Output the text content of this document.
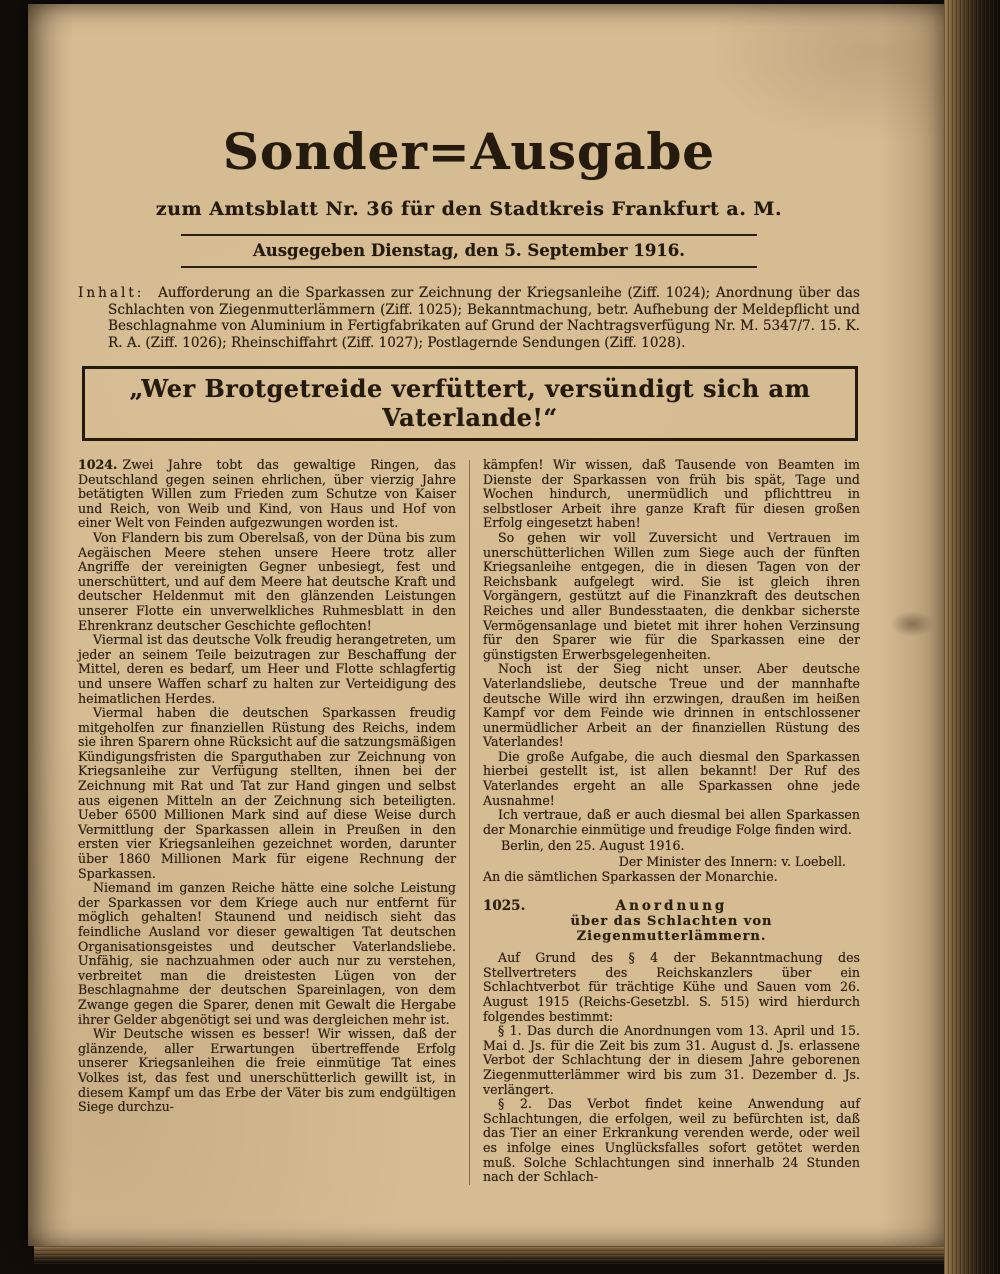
Sonder=Ausgabe
zum Amtsblatt Nr. 36 für den Stadtkreis Frankfurt a. M.
Ausgegeben Dienstag, den 5. September 1916.

Inhalt: Aufforderung an die Sparkassen zur Zeichnung der Kriegsanleihe (Ziff. 1024); Anordnung über das Schlachten von Ziegenmutterlämmern (Ziff. 1025); Bekanntmachung, betr. Aufhebung der Meldepflicht und Beschlagnahme von Aluminium in Fertigfabrikaten auf Grund der Nachtragsverfügung Nr. M. 5347/7. 15. K. R. A. (Ziff. 1026); Rheinschiffahrt (Ziff. 1027); Postlagernde Sendungen (Ziff. 1028).

„Wer Brotgetreide verfüttert, versündigt sich am Vaterlande!“

1024. Zwei Jahre tobt das gewaltige Ringen, das Deutschland gegen seinen ehrlichen, über vierzig Jahre betätigten Willen zum Frieden zum Schutze von Kaiser und Reich, von Weib und Kind, von Haus und Hof von einer Welt von Feinden aufgezwungen worden ist.

Von Flandern bis zum Oberelsaß, von der Düna bis zum Aegäischen Meere stehen unsere Heere trotz aller Angriffe der vereinigten Gegner unbesiegt, fest und unerschüttert, und auf dem Meere hat deutsche Kraft und deutscher Heldenmut mit den glänzenden Leistungen unserer Flotte ein unverwelkliches Ruhmesblatt in den Ehrenkranz deutscher Geschichte geflochten!

Viermal ist das deutsche Volk freudig herangetreten, um jeder an seinem Teile beizutragen zur Beschaffung der Mittel, deren es bedarf, um Heer und Flotte schlagfertig und unsere Waffen scharf zu halten zur Verteidigung des heimatlichen Herdes.

Viermal haben die deutschen Sparkassen freudig mitgeholfen zur finanziellen Rüstung des Reichs, indem sie ihren Sparern ohne Rücksicht auf die satzungsmäßigen Kündigungsfristen die Sparguthaben zur Zeichnung von Kriegsanleihe zur Verfügung stellten, ihnen bei der Zeichnung mit Rat und Tat zur Hand gingen und selbst aus eigenen Mitteln an der Zeichnung sich beteiligten. Ueber 6500 Millionen Mark sind auf diese Weise durch Vermittlung der Sparkassen allein in Preußen in den ersten vier Kriegsanleihen gezeichnet worden, darunter über 1860 Millionen Mark für eigene Rechnung der Sparkassen.

Niemand im ganzen Reiche hätte eine solche Leistung der Sparkassen vor dem Kriege auch nur entfernt für möglich gehalten! Staunend und neidisch sieht das feindliche Ausland vor dieser gewaltigen Tat deutschen Organisationsgeistes und deutscher Vaterlandsliebe. Unfähig, sie nachzuahmen oder auch nur zu verstehen, verbreitet man die dreistesten Lügen von der Beschlagnahme der deutschen Spareinlagen, von dem Zwange gegen die Sparer, denen mit Gewalt die Hergabe ihrer Gelder abgenötigt sei und was dergleichen mehr ist.

Wir Deutsche wissen es besser! Wir wissen, daß der glänzende, aller Erwartungen übertreffende Erfolg unserer Kriegsanleihen die freie einmütige Tat eines Volkes ist, das fest und unerschütterlich gewillt ist, in diesem Kampf um das Erbe der Väter bis zum endgültigen Siege durchzu-

kämpfen! Wir wissen, daß Tausende von Beamten im Dienste der Sparkassen von früh bis spät, Tage und Wochen hindurch, unermüdlich und pflichttreu in selbstloser Arbeit ihre ganze Kraft für diesen großen Erfolg eingesetzt haben!

So gehen wir voll Zuversicht und Vertrauen im unerschütterlichen Willen zum Siege auch der fünften Kriegsanleihe entgegen, die in diesen Tagen von der Reichsbank aufgelegt wird. Sie ist gleich ihren Vorgängern, gestützt auf die Finanzkraft des deutschen Reiches und aller Bundesstaaten, die denkbar sicherste Vermögensanlage und bietet mit ihrer hohen Verzinsung für den Sparer wie für die Sparkassen eine der günstigsten Erwerbsgelegenheiten.

Noch ist der Sieg nicht unser. Aber deutsche Vaterlandsliebe, deutsche Treue und der mannhafte deutsche Wille wird ihn erzwingen, draußen im heißen Kampf vor dem Feinde wie drinnen in entschlossener unermüdlicher Arbeit an der finanziellen Rüstung des Vaterlandes!

Die große Aufgabe, die auch diesmal den Sparkassen hierbei gestellt ist, ist allen bekannt! Der Ruf des Vaterlandes ergeht an alle Sparkassen ohne jede Ausnahme!

Ich vertraue, daß er auch diesmal bei allen Sparkassen der Monarchie einmütige und freudige Folge finden wird.

Berlin, den 25. August 1916.

Der Minister des Innern: v. Loebell.

An die sämtlichen Sparkassen der Monarchie.

1025.	Anordnung
über das Schlachten von Ziegenmutterlämmern.

Auf Grund des § 4 der Bekanntmachung des Stellvertreters des Reichskanzlers über ein Schlachtverbot für trächtige Kühe und Sauen vom 26. August 1915 (Reichs-Gesetzbl. S. 515) wird hierdurch folgendes bestimmt:

§ 1. Das durch die Anordnungen vom 13. April und 15. Mai d. Js. für die Zeit bis zum 31. August d. Js. erlassene Verbot der Schlachtung der in diesem Jahre geborenen Ziegenmutterlämmer wird bis zum 31. Dezember d. Js. verlängert.

§ 2. Das Verbot findet keine Anwendung auf Schlachtungen, die erfolgen, weil zu befürchten ist, daß das Tier an einer Erkrankung verenden werde, oder weil es infolge eines Unglücksfalles sofort getötet werden muß. Solche Schlachtungen sind innerhalb 24 Stunden nach der Schlach-
